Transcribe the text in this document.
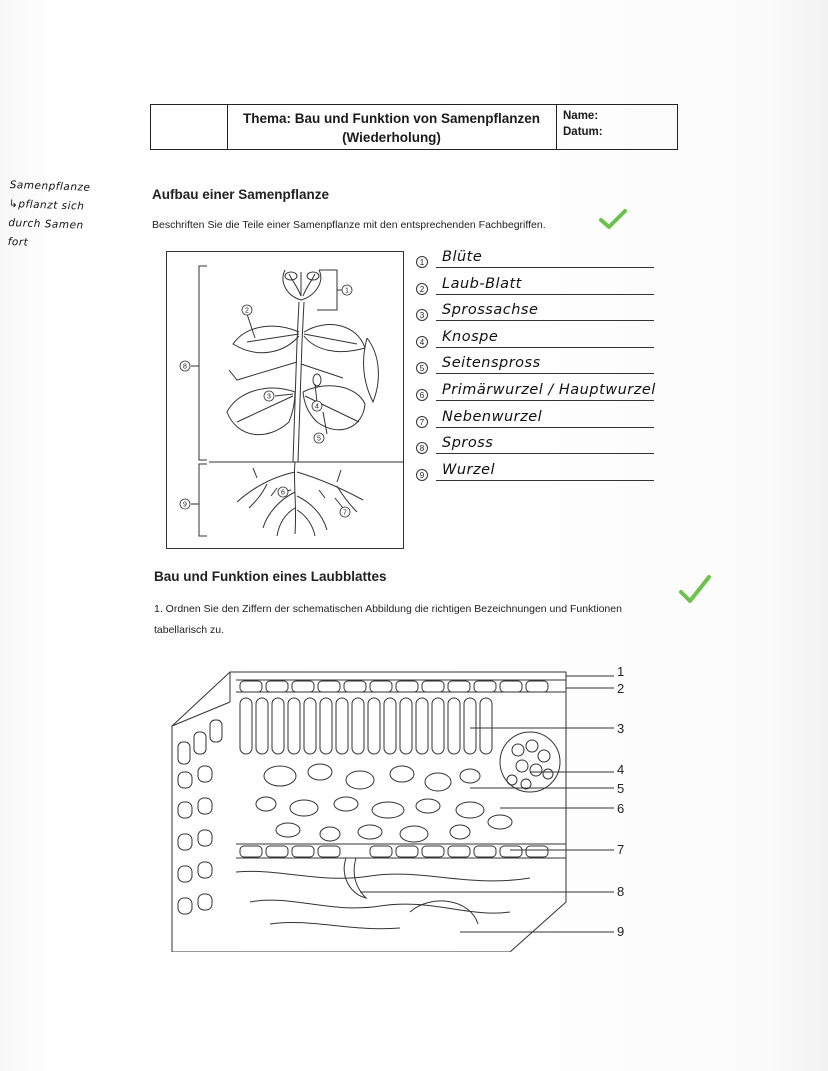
Thema: Bau und Funktion von Samenpflanzen
(Wiederholung)
Name:
Datum:
Samenpflanze
↳pflanzt sich
durch Samen
fort
Aufbau einer Samenpflanze
Beschriften Sie die Teile einer Samenpflanze mit den entsprechenden Fachbegriffen.
1
2
3
4
5
6
7
8
9
1 Blüte
2 Laub-Blatt
3 Sprossachse
4 Knospe
5 Seitenspross
6 Primärwurzel / Hauptwurzel
7 Nebenwurzel
8 Spross
9 Wurzel
Bau und Funktion eines Laubblattes
1. Ordnen Sie den Ziffern der schematischen Abbildung die richtigen Bezeichnungen und Funktionen
tabellarisch zu.
1
2
3
4
5
6
7
8
9
